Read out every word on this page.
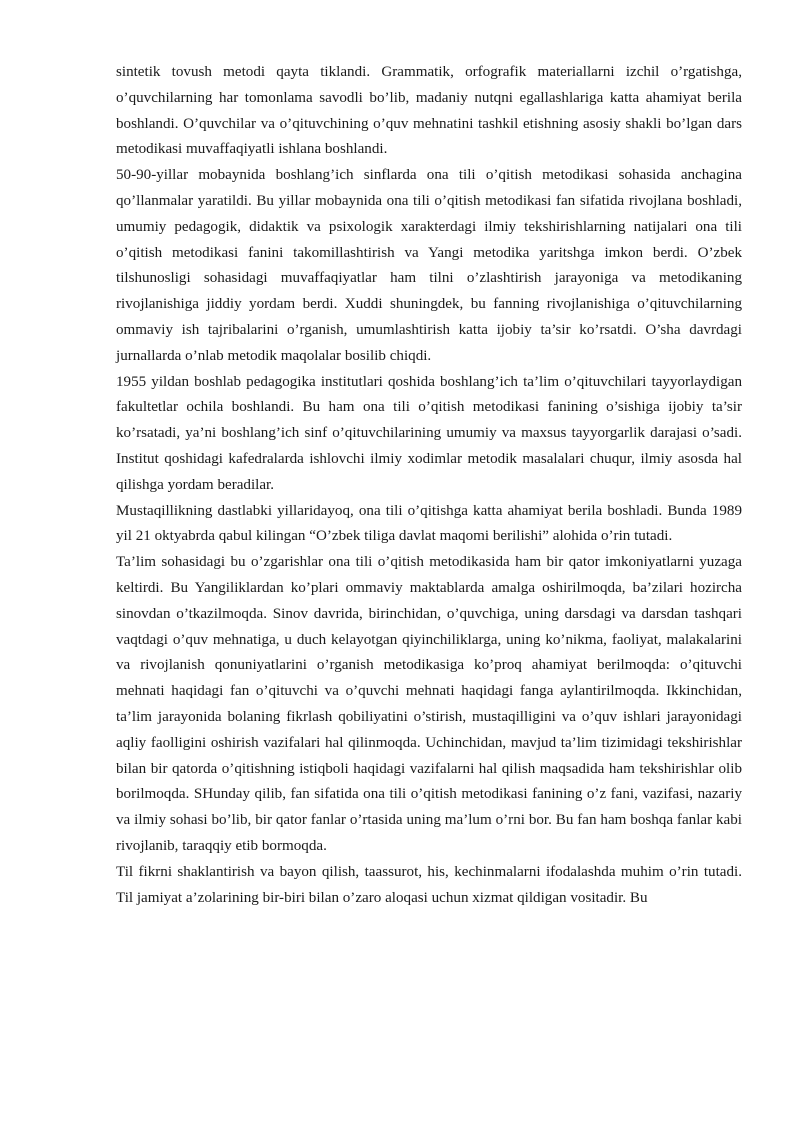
sintetik tovush metodi qayta tiklandi. Grammatik, orfografik materiallarni izchil o’rgatishga, o’quvchilarning har tomonlama savodli bo’lib, madaniy nutqni egallashlariga katta ahamiyat berila boshlandi. O’quvchilar va o’qituvchining o’quv mehnatini tashkil etishning asosiy shakli bo’lgan dars metodikasi muvaffaqiyatli ishlana boshlandi.

50-90-yillar mobaynida boshlang’ich sinflarda ona tili o’qitish metodikasi sohasida anchagina qo’llanmalar yaratildi. Bu yillar mobaynida ona tili o’qitish metodikasi fan sifatida rivojlana boshladi, umumiy pedagogik, didaktik va psixologik xarakterdagi ilmiy tekshirishlarning natijalari ona tili o’qitish metodikasi fanini takomillashtirish va Yangi metodika yaritshga imkon berdi. O’zbek tilshunosligi sohasidagi muvaffaqiyatlar ham tilni o’zlashtirish jarayoniga va metodikaning rivojlanishiga jiddiy yordam berdi. Xuddi shuningdek, bu fanning rivojlanishiga o’qituvchilarning ommaviy ish tajribalarini o’rganish, umumlashtirish katta ijobiy ta’sir ko’rsatdi. O’sha davrdagi jurnallarda o’nlab metodik maqolalar bosilib chiqdi.

1955 yildan boshlab pedagogika institutlari qoshida boshlang’ich ta’lim o’qituvchilari tayyorlaydigan fakultetlar ochila boshlandi. Bu ham ona tili o’qitish metodikasi fanining o’sishiga ijobiy ta’sir ko’rsatadi, ya’ni boshlang’ich sinf o’qituvchilarining umumiy va maxsus tayyorgarlik darajasi o’sadi. Institut qoshidagi kafedralarda ishlovchi ilmiy xodimlar metodik masalalari chuqur, ilmiy asosda hal qilishga yordam beradilar.

Mustaqillikning dastlabki yillaridayoq, ona tili o’qitishga katta ahamiyat berila boshladi. Bunda 1989 yil 21 oktyabrda qabul kilingan “O’zbek tiliga davlat maqomi berilishi” alohida o’rin tutadi.

Ta’lim sohasidagi bu o’zgarishlar ona tili o’qitish metodikasida ham bir qator imkoniyatlarni yuzaga keltirdi. Bu Yangiliklardan ko’plari ommaviy maktablarda amalga oshirilmoqda, ba’zilari hozircha sinovdan o’tkazilmoqda. Sinov davrida, birinchidan, o’quvchiga, uning darsdagi va darsdan tashqari vaqtdagi o’quv mehnatiga, u duch kelayotgan qiyinchiliklarga, uning ko’nikma, faoliyat, malakalarini va rivojlanish qonuniyatlarini o’rganish metodikasiga ko’proq ahamiyat berilmoqda: o’qituvchi mehnati haqidagi fan o’qituvchi va o’quvchi mehnati haqidagi fanga aylantirilmoqda. Ikkinchidan, ta’lim jarayonida bolaning fikrlash qobiliyatini o’stirish, mustaqilligini va o’quv ishlari jarayonidagi aqliy faolligini oshirish vazifalari hal qilinmoqda. Uchinchidan, mavjud ta’lim tizimidagi tekshirishlar bilan bir qatorda o’qitishning istiqboli haqidagi vazifalarni hal qilish maqsadida ham tekshirishlar olib borilmoqda. SHunday qilib, fan sifatida ona tili o’qitish metodikasi fanining o’z fani, vazifasi, nazariy va ilmiy sohasi bo’lib, bir qator fanlar o’rtasida uning ma’lum o’rni bor. Bu fan ham boshqa fanlar kabi rivojlanib, taraqqiy etib bormoqda.

Til fikrni shaklantirish va bayon qilish, taassurot, his, kechinmalarni ifodalashda muhim o’rin tutadi. Til jamiyat a’zolarining bir-biri bilan o’zaro aloqasi uchun xizmat qildigan vositadir. Bu
